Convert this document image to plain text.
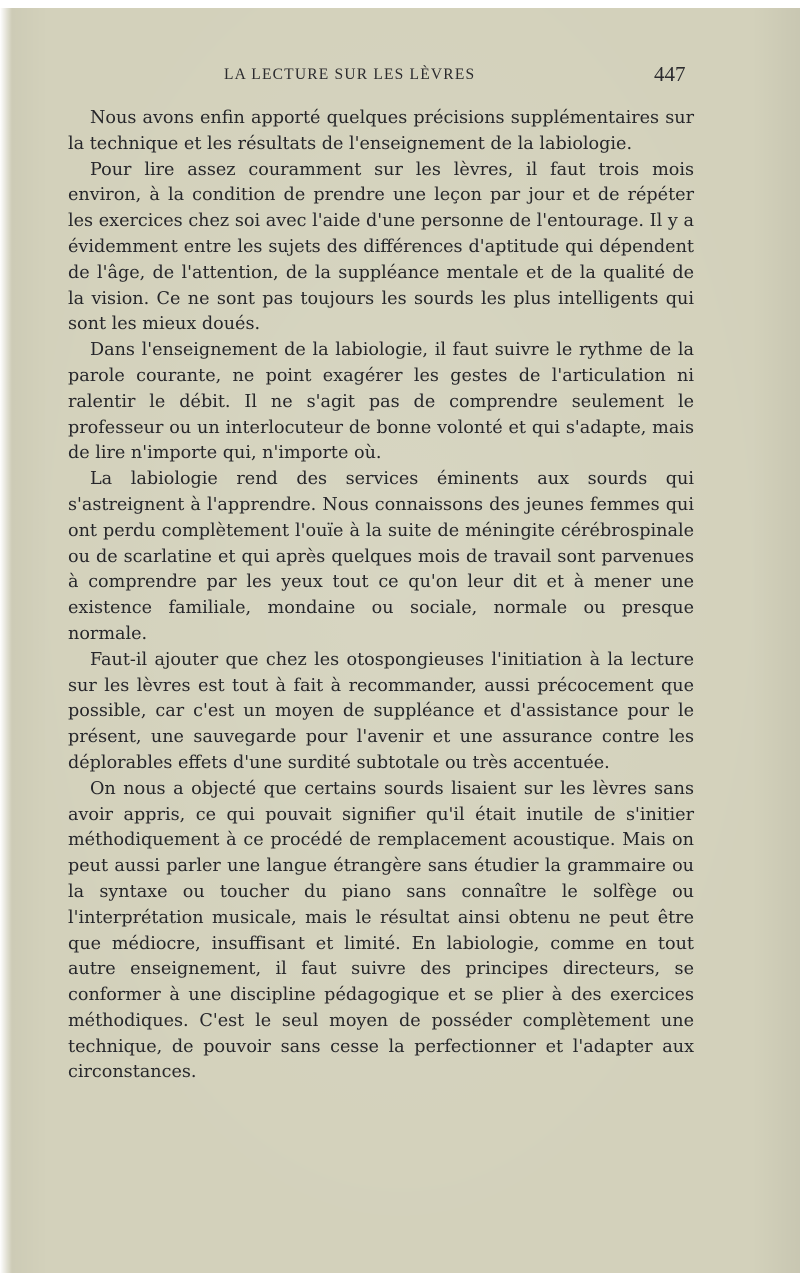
LA LECTURE SUR LES LÈVRES	447

Nous avons enfin apporté quelques précisions supplémentaires sur la technique et les résultats de l'enseignement de la labiologie.

Pour lire assez couramment sur les lèvres, il faut trois mois environ, à la condition de prendre une leçon par jour et de répéter les exercices chez soi avec l'aide d'une personne de l'entourage. Il y a évidemment entre les sujets des différences d'aptitude qui dépendent de l'âge, de l'attention, de la suppléance mentale et de la qualité de la vision. Ce ne sont pas toujours les sourds les plus intelligents qui sont les mieux doués.

Dans l'enseignement de la labiologie, il faut suivre le rythme de la parole courante, ne point exagérer les gestes de l'articulation ni ralentir le débit. Il ne s'agit pas de comprendre seulement le professeur ou un interlocuteur de bonne volonté et qui s'adapte, mais de lire n'importe qui, n'importe où.

La labiologie rend des services éminents aux sourds qui s'astreignent à l'apprendre. Nous connaissons des jeunes femmes qui ont perdu complètement l'ouïe à la suite de méningite cérébrospinale ou de scarlatine et qui après quelques mois de travail sont parvenues à comprendre par les yeux tout ce qu'on leur dit et à mener une existence familiale, mondaine ou sociale, normale ou presque normale.

Faut-il ajouter que chez les otospongieuses l'initiation à la lecture sur les lèvres est tout à fait à recommander, aussi précocement que possible, car c'est un moyen de suppléance et d'assistance pour le présent, une sauvegarde pour l'avenir et une assurance contre les déplorables effets d'une surdité subtotale ou très accentuée.

On nous a objecté que certains sourds lisaient sur les lèvres sans avoir appris, ce qui pouvait signifier qu'il était inutile de s'initier méthodiquement à ce procédé de remplacement acoustique. Mais on peut aussi parler une langue étrangère sans étudier la grammaire ou la syntaxe ou toucher du piano sans connaître le solfège ou l'interprétation musicale, mais le résultat ainsi obtenu ne peut être que médiocre, insuffisant et limité. En labiologie, comme en tout autre enseignement, il faut suivre des principes directeurs, se conformer à une discipline pédagogique et se plier à des exercices méthodiques. C'est le seul moyen de posséder complètement une technique, de pouvoir sans cesse la perfectionner et l'adapter aux circonstances.
